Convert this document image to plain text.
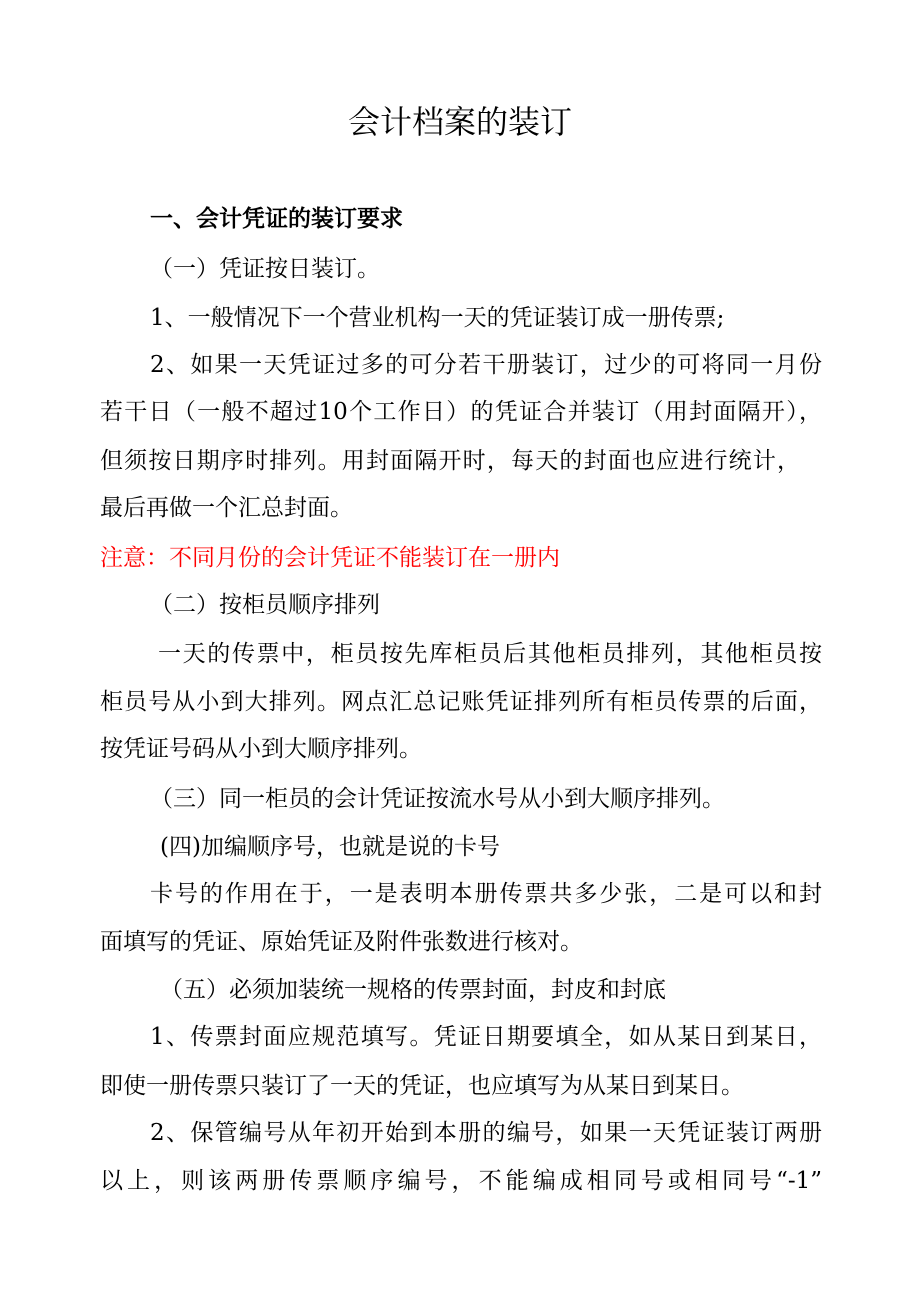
会计档案的装订
一、会计凭证的装订要求
（一）凭证按日装订。
1、一般情况下一个营业机构一天的凭证装订成一册传票;
2、如果一天凭证过多的可分若干册装订，过少的可将同一月份
若干日（一般不超过10个工作日）的凭证合并装订（用封面隔开），
但须按日期序时排列。用封面隔开时，每天的封面也应进行统计，
最后再做一个汇总封面。
注意：不同月份的会计凭证不能装订在一册内
（二）按柜员顺序排列
一天的传票中，柜员按先库柜员后其他柜员排列，其他柜员按
柜员号从小到大排列。网点汇总记账凭证排列所有柜员传票的后面，
按凭证号码从小到大顺序排列。
（三）同一柜员的会计凭证按流水号从小到大顺序排列。
(四)加编顺序号，也就是说的卡号
卡号的作用在于，一是表明本册传票共多少张，二是可以和封
面填写的凭证、原始凭证及附件张数进行核对。
（五）必须加装统一规格的传票封面，封皮和封底
1、传票封面应规范填写。凭证日期要填全，如从某日到某日，
即使一册传票只装订了一天的凭证，也应填写为从某日到某日。
2、保管编号从年初开始到本册的编号，如果一天凭证装订两册
以上，则该两册传票顺序编号，不能编成相同号或相同号“-1”
